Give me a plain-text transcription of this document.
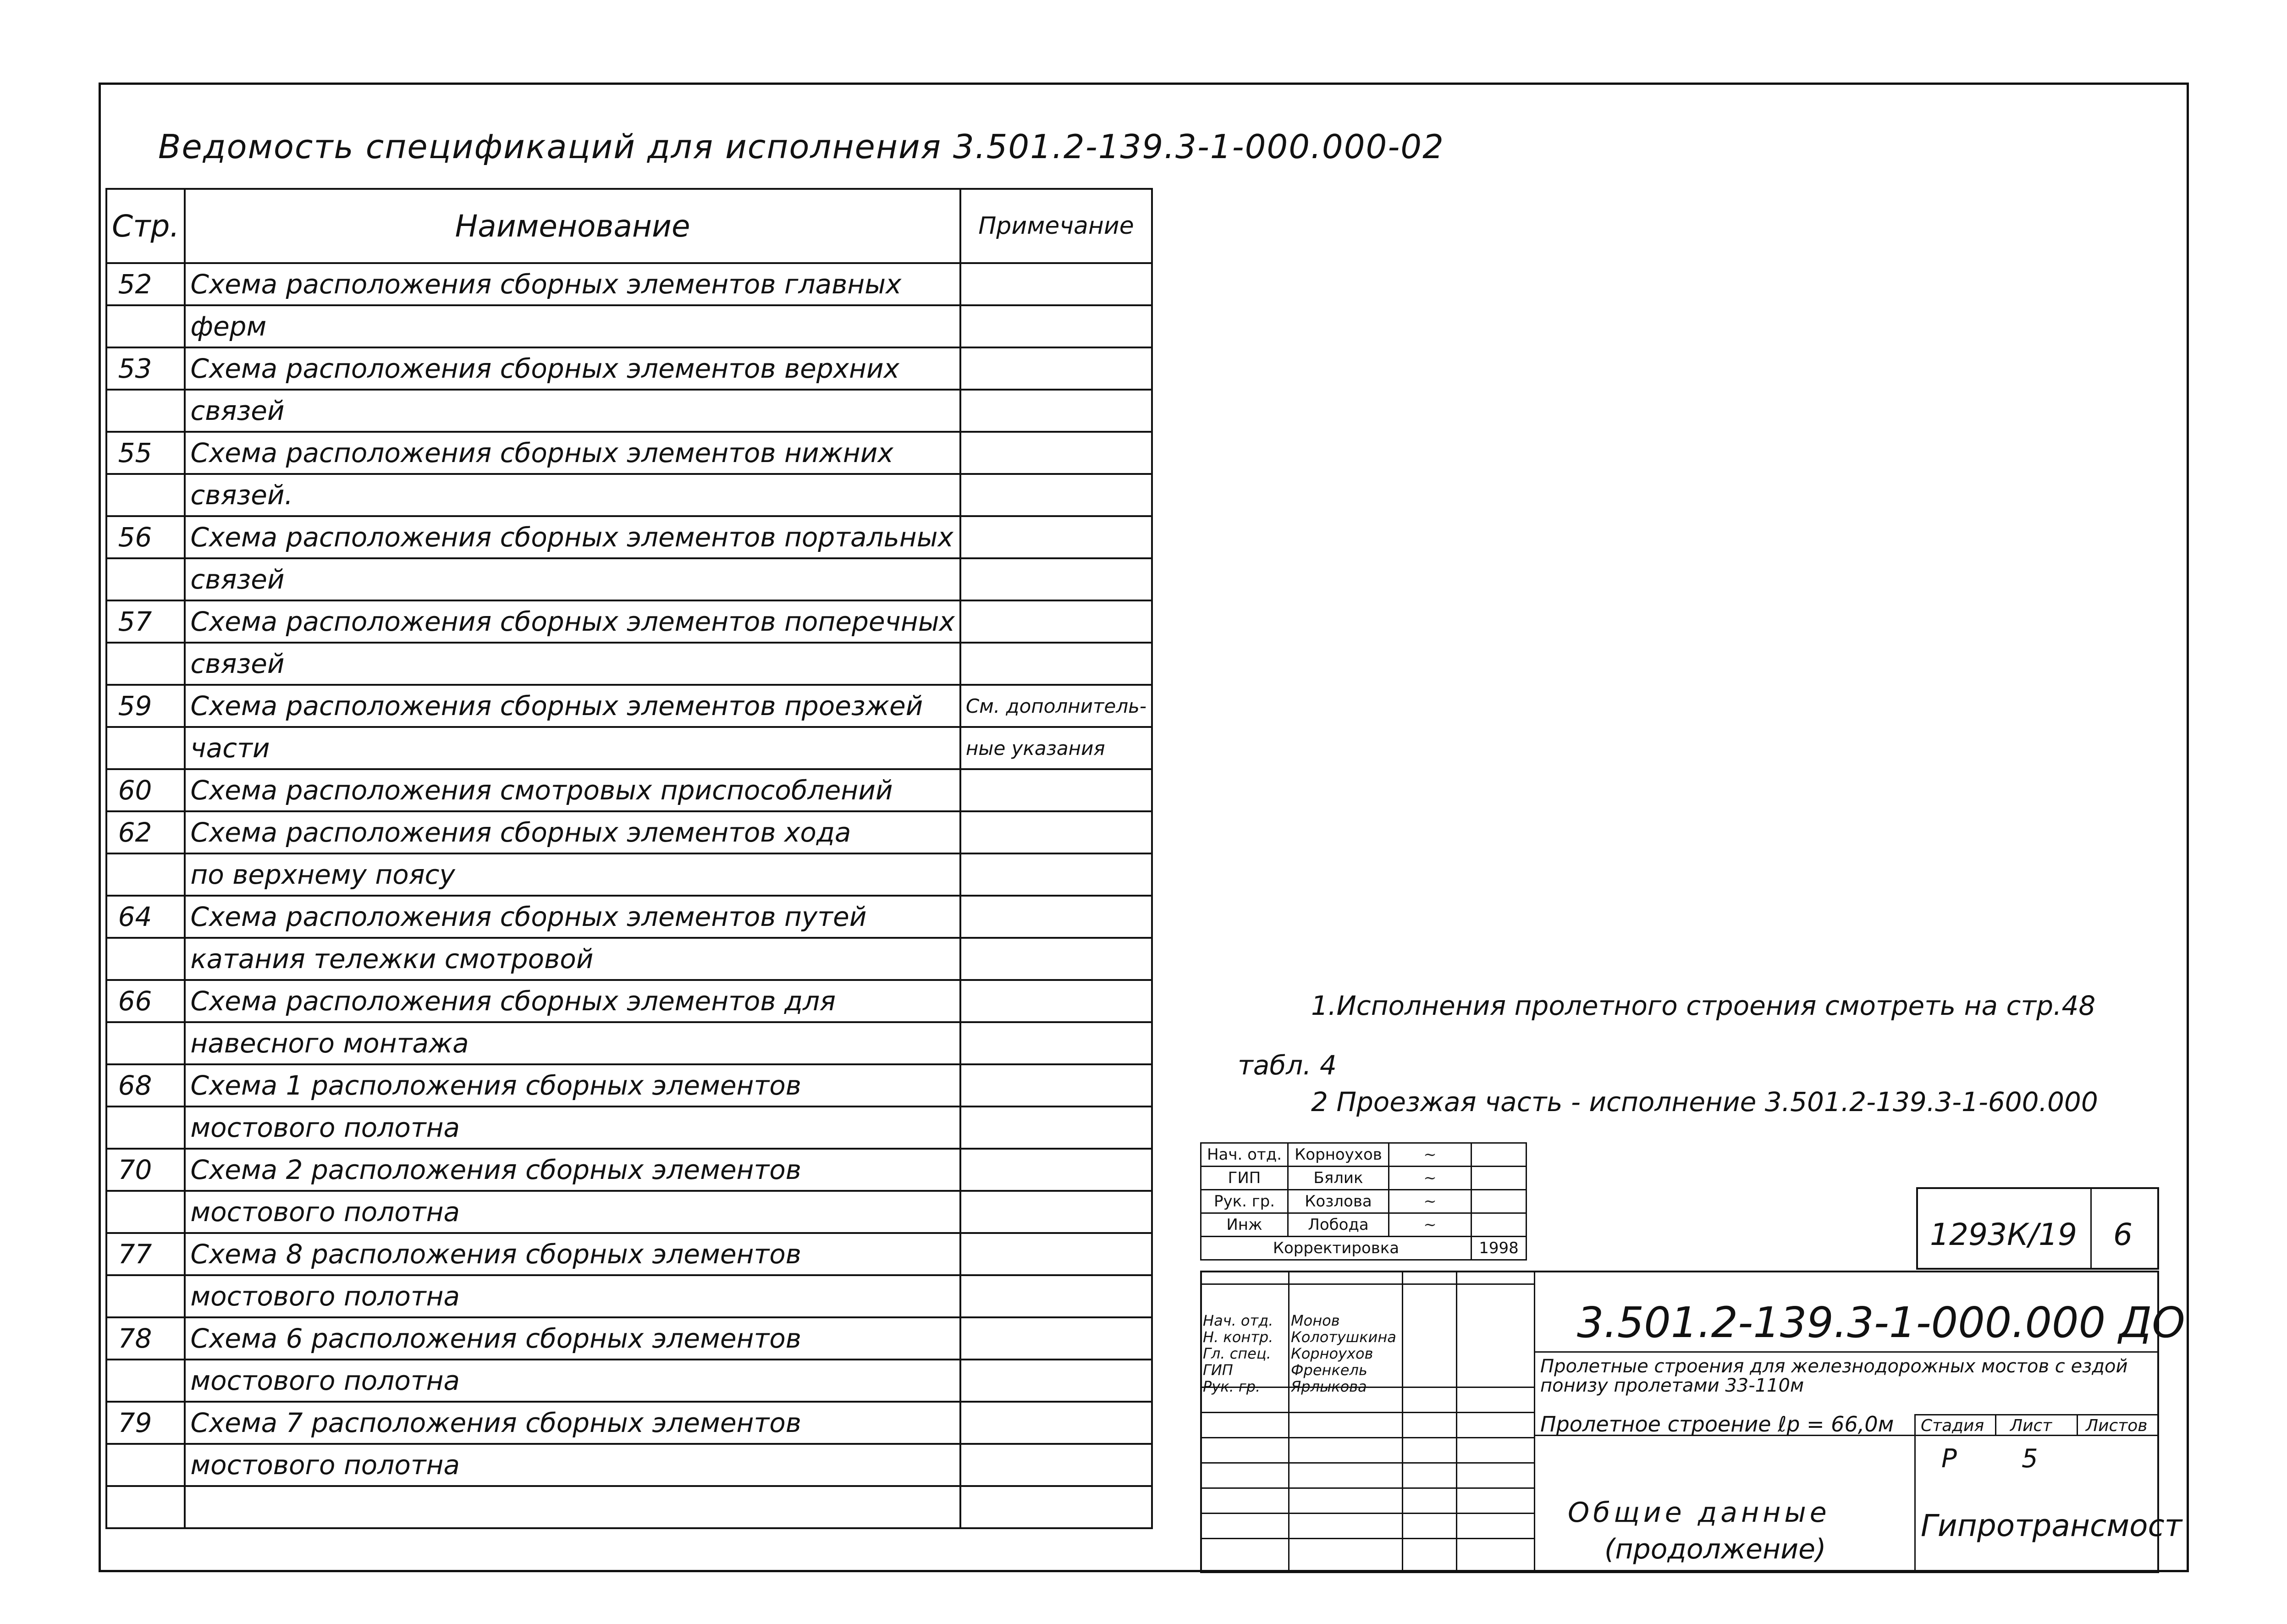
Ведомость спецификаций для исполнения 3.501.2-139.3-1-000.000-02
Стр.	Наименование	Примечание
52	Схема расположения сборных элементов главных	
	ферм	
53	Схема расположения сборных элементов верхних	
	связей	
55	Схема расположения сборных элементов нижних	
	связей.	
56	Схема расположения сборных элементов портальных	
	связей	
57	Схема расположения сборных элементов поперечных	
	связей	
59	Схема расположения сборных элементов проезжей	См. дополнитель-
	части	ные указания
60	Схема расположения смотровых приспособлений	
62	Схема расположения сборных элементов хода	
	по верхнему поясу	
64	Схема расположения сборных элементов путей	
	катания тележки смотровой	
66	Схема расположения сборных элементов для	
	навесного монтажа	
68	Схема 1 расположения сборных элементов	
	мостового полотна	
70	Схема 2 расположения сборных элементов	
	мостового полотна	
77	Схема 8 расположения сборных элементов	
	мостового полотна	
78	Схема 6 расположения сборных элементов	
	мостового полотна	
79	Схема 7 расположения сборных элементов	
	мостового полотна	

1.Исполнения пролетного строения смотреть на стр.48
табл. 4
2 Проезжая часть - исполнение 3.501.2-139.3-1-600.000
Нач. отд.	Корноухов	~	
ГИП	Бялик	~	
Рук. гр.	Козлова	~	
Инж	Лобода	~	
Корректировка			1998	1293К/19 6
Нач. отд. Монов
Н. контр. Колотушкина
Гл. спец. Корноухов
ГИП	Френкель
Рук. гр. Ярлыкова
3.501.2-139.3-1-000.000 ДО
Пролетные строения для железнодорожных мостов с ездой понизу пролетами 33-110м
Пролетное строение ℓр = 66,0м Стадия Лист Листов
Р	5
Общие данные
(продолжение)
Гипротрансмост
